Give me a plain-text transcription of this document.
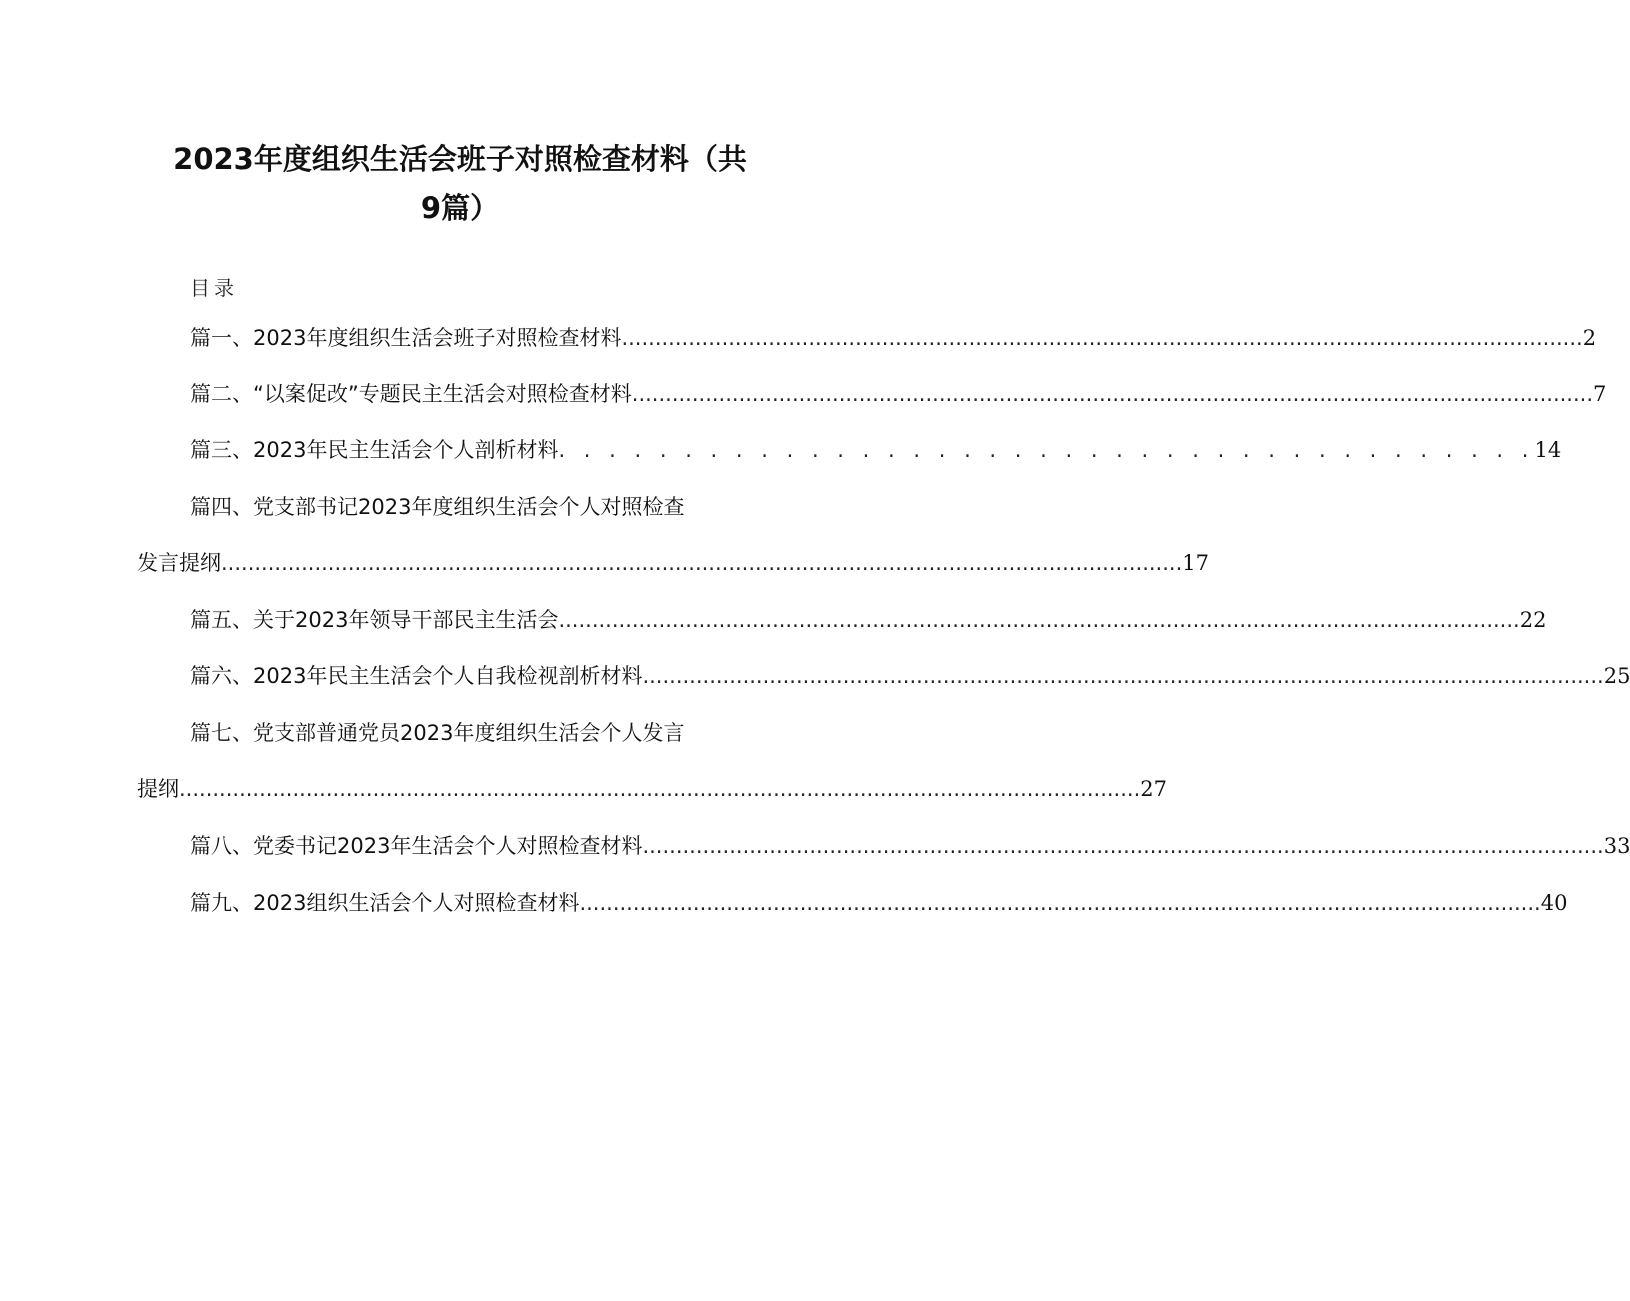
2023年度组织生活会班子对照检查材料（共
9篇）
目录
篇一、2023年度组织生活会班子对照检查材料 ................................................................................................................................................ 2
篇二、“以案促改”专题民主生活会对照检查材料 ................................................................................................................................................ 7
篇三、2023年民主生活会个人剖析材料 . . . . . . . . . . . . . . . . . . . . . . . . . . . . . . . . . . . . . . . 14
篇四、党支部书记2023年度组织生活会个人对照检查
发言提纲 ................................................................................................................................................ 17
篇五、关于2023年领导干部民主生活会 ................................................................................................................................................ 22
篇六、2023年民主生活会个人自我检视剖析材料 ................................................................................................................................................ 25
篇七、党支部普通党员2023年度组织生活会个人发言
提纲 ................................................................................................................................................ 27
篇八、党委书记2023年生活会个人对照检查材料 ................................................................................................................................................ 33
篇九、2023组织生活会个人对照检查材料 ................................................................................................................................................ 40
